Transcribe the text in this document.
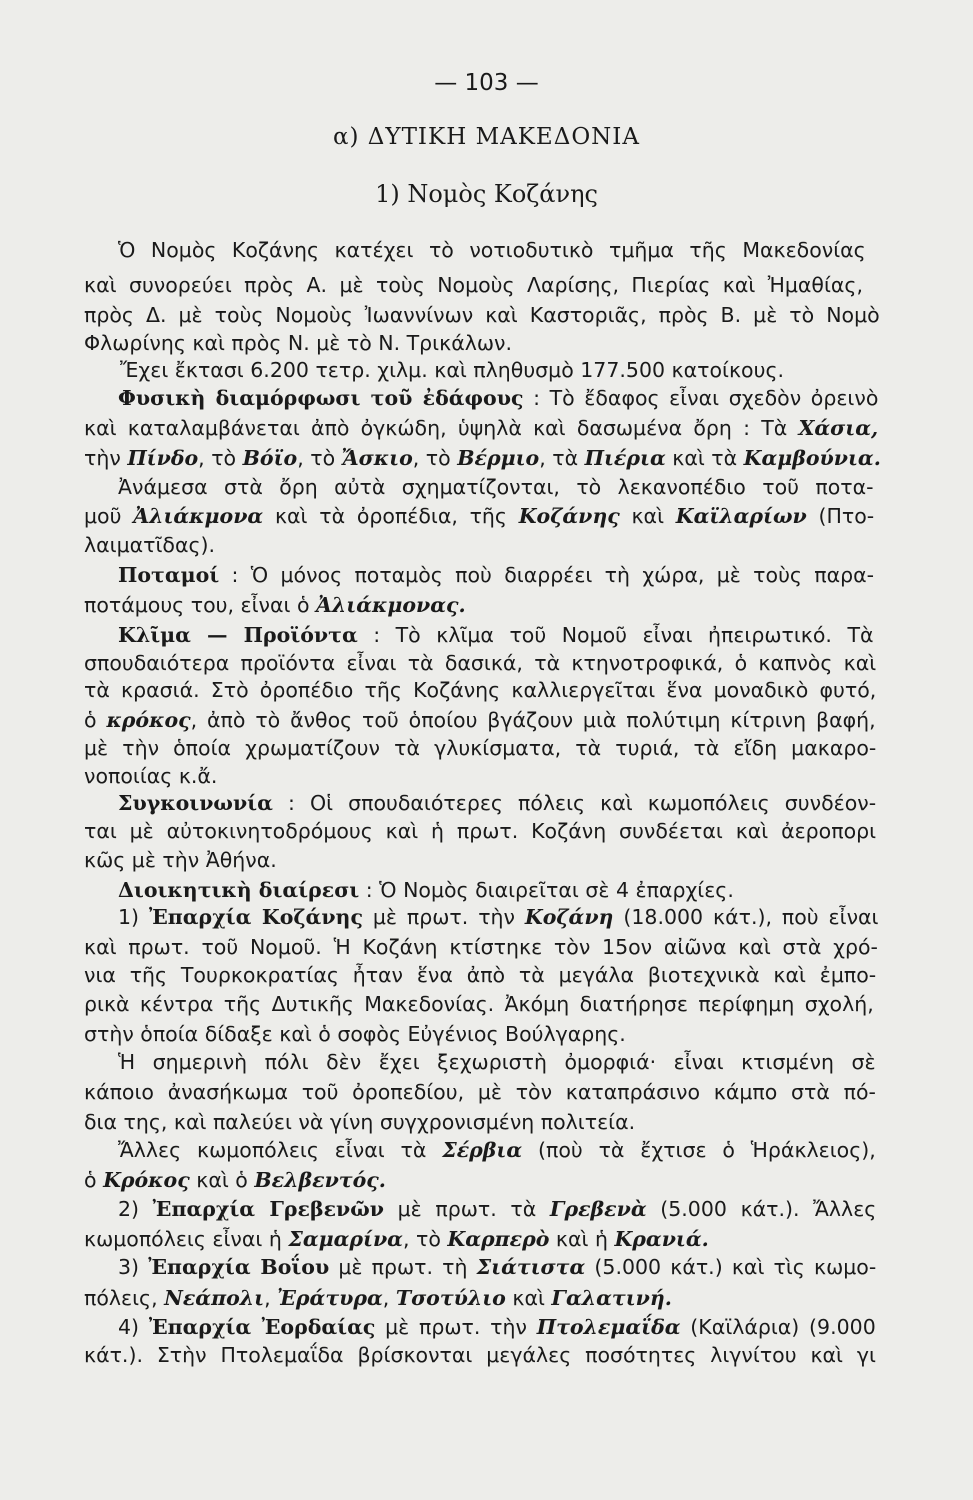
— 103 —
α) ΔΥΤΙΚΗ ΜΑΚΕΔΟΝΙΑ
1) Νομὸς Κοζάνης
Ὁ Νομὸς Κοζάνης κατέχει τὸ νοτιοδυτικὸ τμῆμα τῆς Μακεδονίας
καὶ συνορεύει πρὸς Α. μὲ τοὺς Νομοὺς Λαρίσης, Πιερίας καὶ Ἠμαθίας,
πρὸς Δ. μὲ τοὺς Νομοὺς Ἰωαννίνων καὶ Καστοριᾶς, πρὸς Β. μὲ τὸ Νομὸ
Φλωρίνης καὶ πρὸς Ν. μὲ τὸ Ν. Τρικάλων.
Ἔχει ἔκτασι 6.200 τετρ. χιλμ. καὶ πληθυσμὸ 177.500 κατοίκους.
Φυσικὴ διαμόρφωσι τοῦ ἐδάφους : Τὸ ἔδαφος εἶναι σχεδὸν ὀρεινὸ
καὶ καταλαμβάνεται ἀπὸ ὀγκώδη, ὑψηλὰ καὶ δασωμένα ὄρη : Τὰ Χάσια,
τὴν Πίνδο, τὸ Βόϊο, τὸ Ἄσκιο, τὸ Βέρμιο, τὰ Πιέρια καὶ τὰ Καμβούνια.
Ἀνάμεσα στὰ ὄρη αὐτὰ σχηματίζονται, τὸ λεκανοπέδιο τοῦ ποτα-
μοῦ Ἀλιάκμονα καὶ τὰ ὀροπέδια, τῆς Κοζάνης καὶ Καϊλαρίων (Πτο-
λαιματῖδας).
Ποταμοί : Ὁ μόνος ποταμὸς ποὺ διαρρέει τὴ χώρα, μὲ τοὺς παρα-
ποτάμους του, εἶναι ὁ Ἀλιάκμονας.
Κλῖμα — Προϊόντα : Τὸ κλῖμα τοῦ Νομοῦ εἶναι ἠπειρωτικό. Τὰ
σπουδαιότερα προϊόντα εἶναι τὰ δασικά, τὰ κτηνοτροφικά, ὁ καπνὸς καὶ
τὰ κρασιά. Στὸ ὀροπέδιο τῆς Κοζάνης καλλιεργεῖται ἕνα μοναδικὸ φυτό,
ὁ κρόκος, ἀπὸ τὸ ἄνθος τοῦ ὁποίου βγάζουν μιὰ πολύτιμη κίτρινη βαφή,
μὲ τὴν ὁποία χρωματίζουν τὰ γλυκίσματα, τὰ τυριά, τὰ εἴδη μακαρο-
νοποιίας κ.ἄ.
Συγκοινωνία : Οἱ σπουδαιότερες πόλεις καὶ κωμοπόλεις συνδέον-
ται μὲ αὐτοκινητοδρόμους καὶ ἡ πρωτ. Κοζάνη συνδέεται καὶ ἀεροπορι
κῶς μὲ τὴν Ἀθήνα.
Διοικητικὴ διαίρεσι : Ὁ Νομὸς διαιρεῖται σὲ 4 ἐπαρχίες.
1) Ἐπαρχία Κοζάνης μὲ πρωτ. τὴν Κοζάνη (18.000 κάτ.), ποὺ εἶναι
καὶ πρωτ. τοῦ Νομοῦ. Ἡ Κοζάνη κτίστηκε τὸν 15ον αἰῶνα καὶ στὰ χρό-
νια τῆς Τουρκοκρατίας ἦταν ἕνα ἀπὸ τὰ μεγάλα βιοτεχνικὰ καὶ ἐμπο-
ρικὰ κέντρα τῆς Δυτικῆς Μακεδονίας. Ἀκόμη διατήρησε περίφημη σχολή,
στὴν ὁποία δίδαξε καὶ ὁ σοφὸς Εὐγένιος Βούλγαρης.
Ἡ σημερινὴ πόλι δὲν ἔχει ξεχωριστὴ ὀμορφιά· εἶναι κτισμένη σὲ
κάποιο ἀνασήκωμα τοῦ ὀροπεδίου, μὲ τὸν καταπράσινο κάμπο στὰ πό-
δια της, καὶ παλεύει νὰ γίνη συγχρονισμένη πολιτεία.
Ἄλλες κωμοπόλεις εἶναι τὰ Σέρβια (ποὺ τὰ ἔχτισε ὁ Ἡράκλειος),
ὁ Κρόκος καὶ ὁ Βελβεντός.
2) Ἐπαρχία Γρεβενῶν μὲ πρωτ. τὰ Γρεβενὰ (5.000 κάτ.). Ἄλλες
κωμοπόλεις εἶναι ἡ Σαμαρίνα, τὸ Καρπερὸ καὶ ἡ Κρανιά.
3) Ἐπαρχία Βοΐου μὲ πρωτ. τὴ Σιάτιστα (5.000 κάτ.) καὶ τὶς κωμο-
πόλεις, Νεάπολι, Ἐράτυρα, Τσοτύλιο καὶ Γαλατινή.
4) Ἐπαρχία Ἐορδαίας μὲ πρωτ. τὴν Πτολεμαΐδα (Καϊλάρια) (9.000
κάτ.). Στὴν Πτολεμαΐδα βρίσκονται μεγάλες ποσότητες λιγνίτου καὶ γι
